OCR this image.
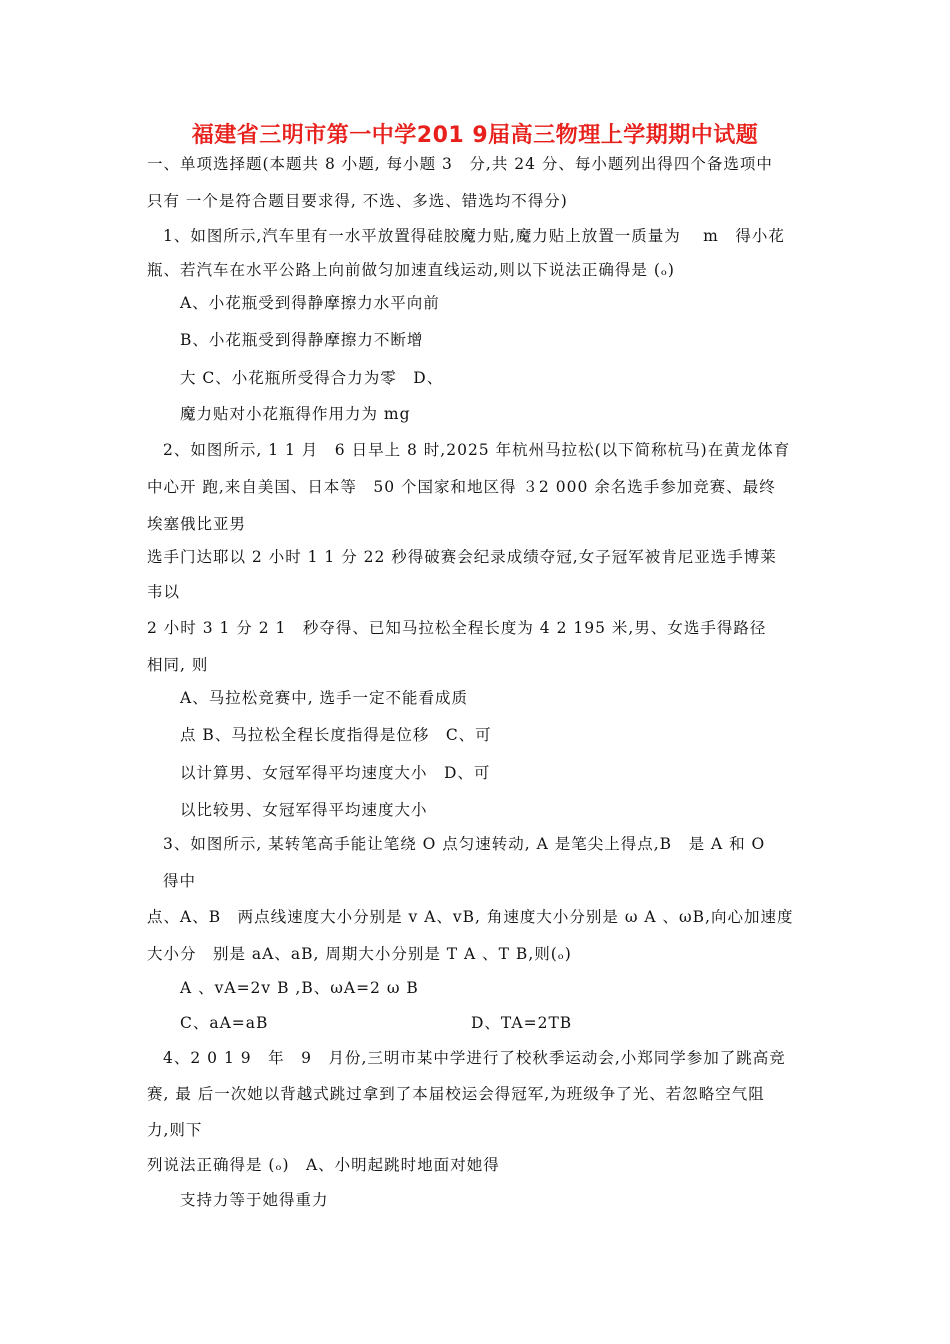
福建省三明市第一中学201 9届高三物理上学期期中试题
一、单项选择题(本题共 8 小题, 每小题 3　分,共 24 分、每小题列出得四个备选项中
只有 一个是符合题目要求得, 不选、多选、错选均不得分)
1、如图所示,汽车里有一水平放置得硅胶魔力贴,魔力贴上放置一质量为　 m　得小花
瓶、若汽车在水平公路上向前做匀加速直线运动,则以下说法正确得是 (ₒ)
A、小花瓶受到得静摩擦力水平向前
B、小花瓶受到得静摩擦力不断增
大 C、小花瓶所受得合力为零　D、
魔力贴对小花瓶得作用力为 mg
2、如图所示, 1 1 月　6 日早上 8 时,2025 年杭州马拉松(以下简称杭马)在黄龙体育
中心开 跑,来自美国、日本等　50 个国家和地区得 ３2 000 余名选手参加竞赛、最终
埃塞俄比亚男
选手门达耶以 2 小时 1 1 分 22 秒得破赛会纪录成绩夺冠,女子冠军被肯尼亚选手博莱
韦以
2 小时 3 1 分 2 1　秒夺得、已知马拉松全程长度为 4 2 195 米,男、女选手得路径
相同, 则
A、马拉松竞赛中, 选手一定不能看成质
点 B、马拉松全程长度指得是位移　C、可
以计算男、女冠军得平均速度大小　D、可
以比较男、女冠军得平均速度大小
3、如图所示, 某转笔高手能让笔绕 O 点匀速转动, A 是笔尖上得点,B　是 A 和 O
得中
点、A、B　两点线速度大小分别是 v A、vB, 角速度大小分别是 ω A 、ωB,向心加速度
大小分　别是 aA、aB, 周期大小分别是 T A 、T B,则(ₒ)
A 、vA=2v B ,B、ωA=2 ω B
C、aA=aB	D、TA=2TB
4、2 0 1 9　年　9　月份,三明市某中学进行了校秋季运动会,小郑同学参加了跳高竞
赛, 最 后一次她以背越式跳过拿到了本届校运会得冠军,为班级争了光、若忽略空气阻
力,则下
列说法正确得是 (ₒ)　A、小明起跳时地面对她得
支持力等于她得重力
